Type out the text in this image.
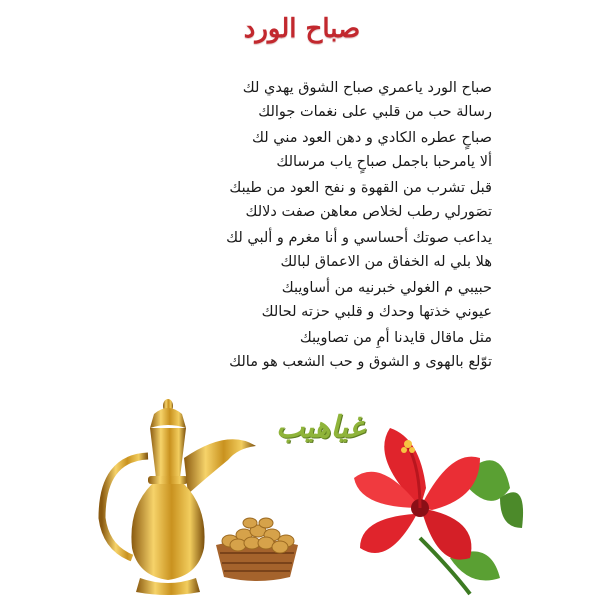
صباح الورد
صباح الورد ياعمري صباح الشوق يهدي لك
رسالة حب من قلبي على نغمات جوالك
صباحٍ عطره الكادي و دهن العود مني لك
ألا يامرحبا باجمل صباحٍ ياب مرسالك
قبل تشرب من القهوة و نفح العود من طيبك
تصَورلي رطب لخلاص معاهن صفت دلالك
يداعب صوتك أحساسي و أنا مغرم و ألبي لك
هلا بلي له الخفاق من الاعماق لبالك
حبيبي م الغولي خبرنيه من أساويبك
عيوني خذتها وحدك و قلبي حزته لحالك
مثل ماقال قايدنا أمِ من تصاويبك
توّلع بالهوى و الشوق و حب الشعب هو مالك
غياهيب
